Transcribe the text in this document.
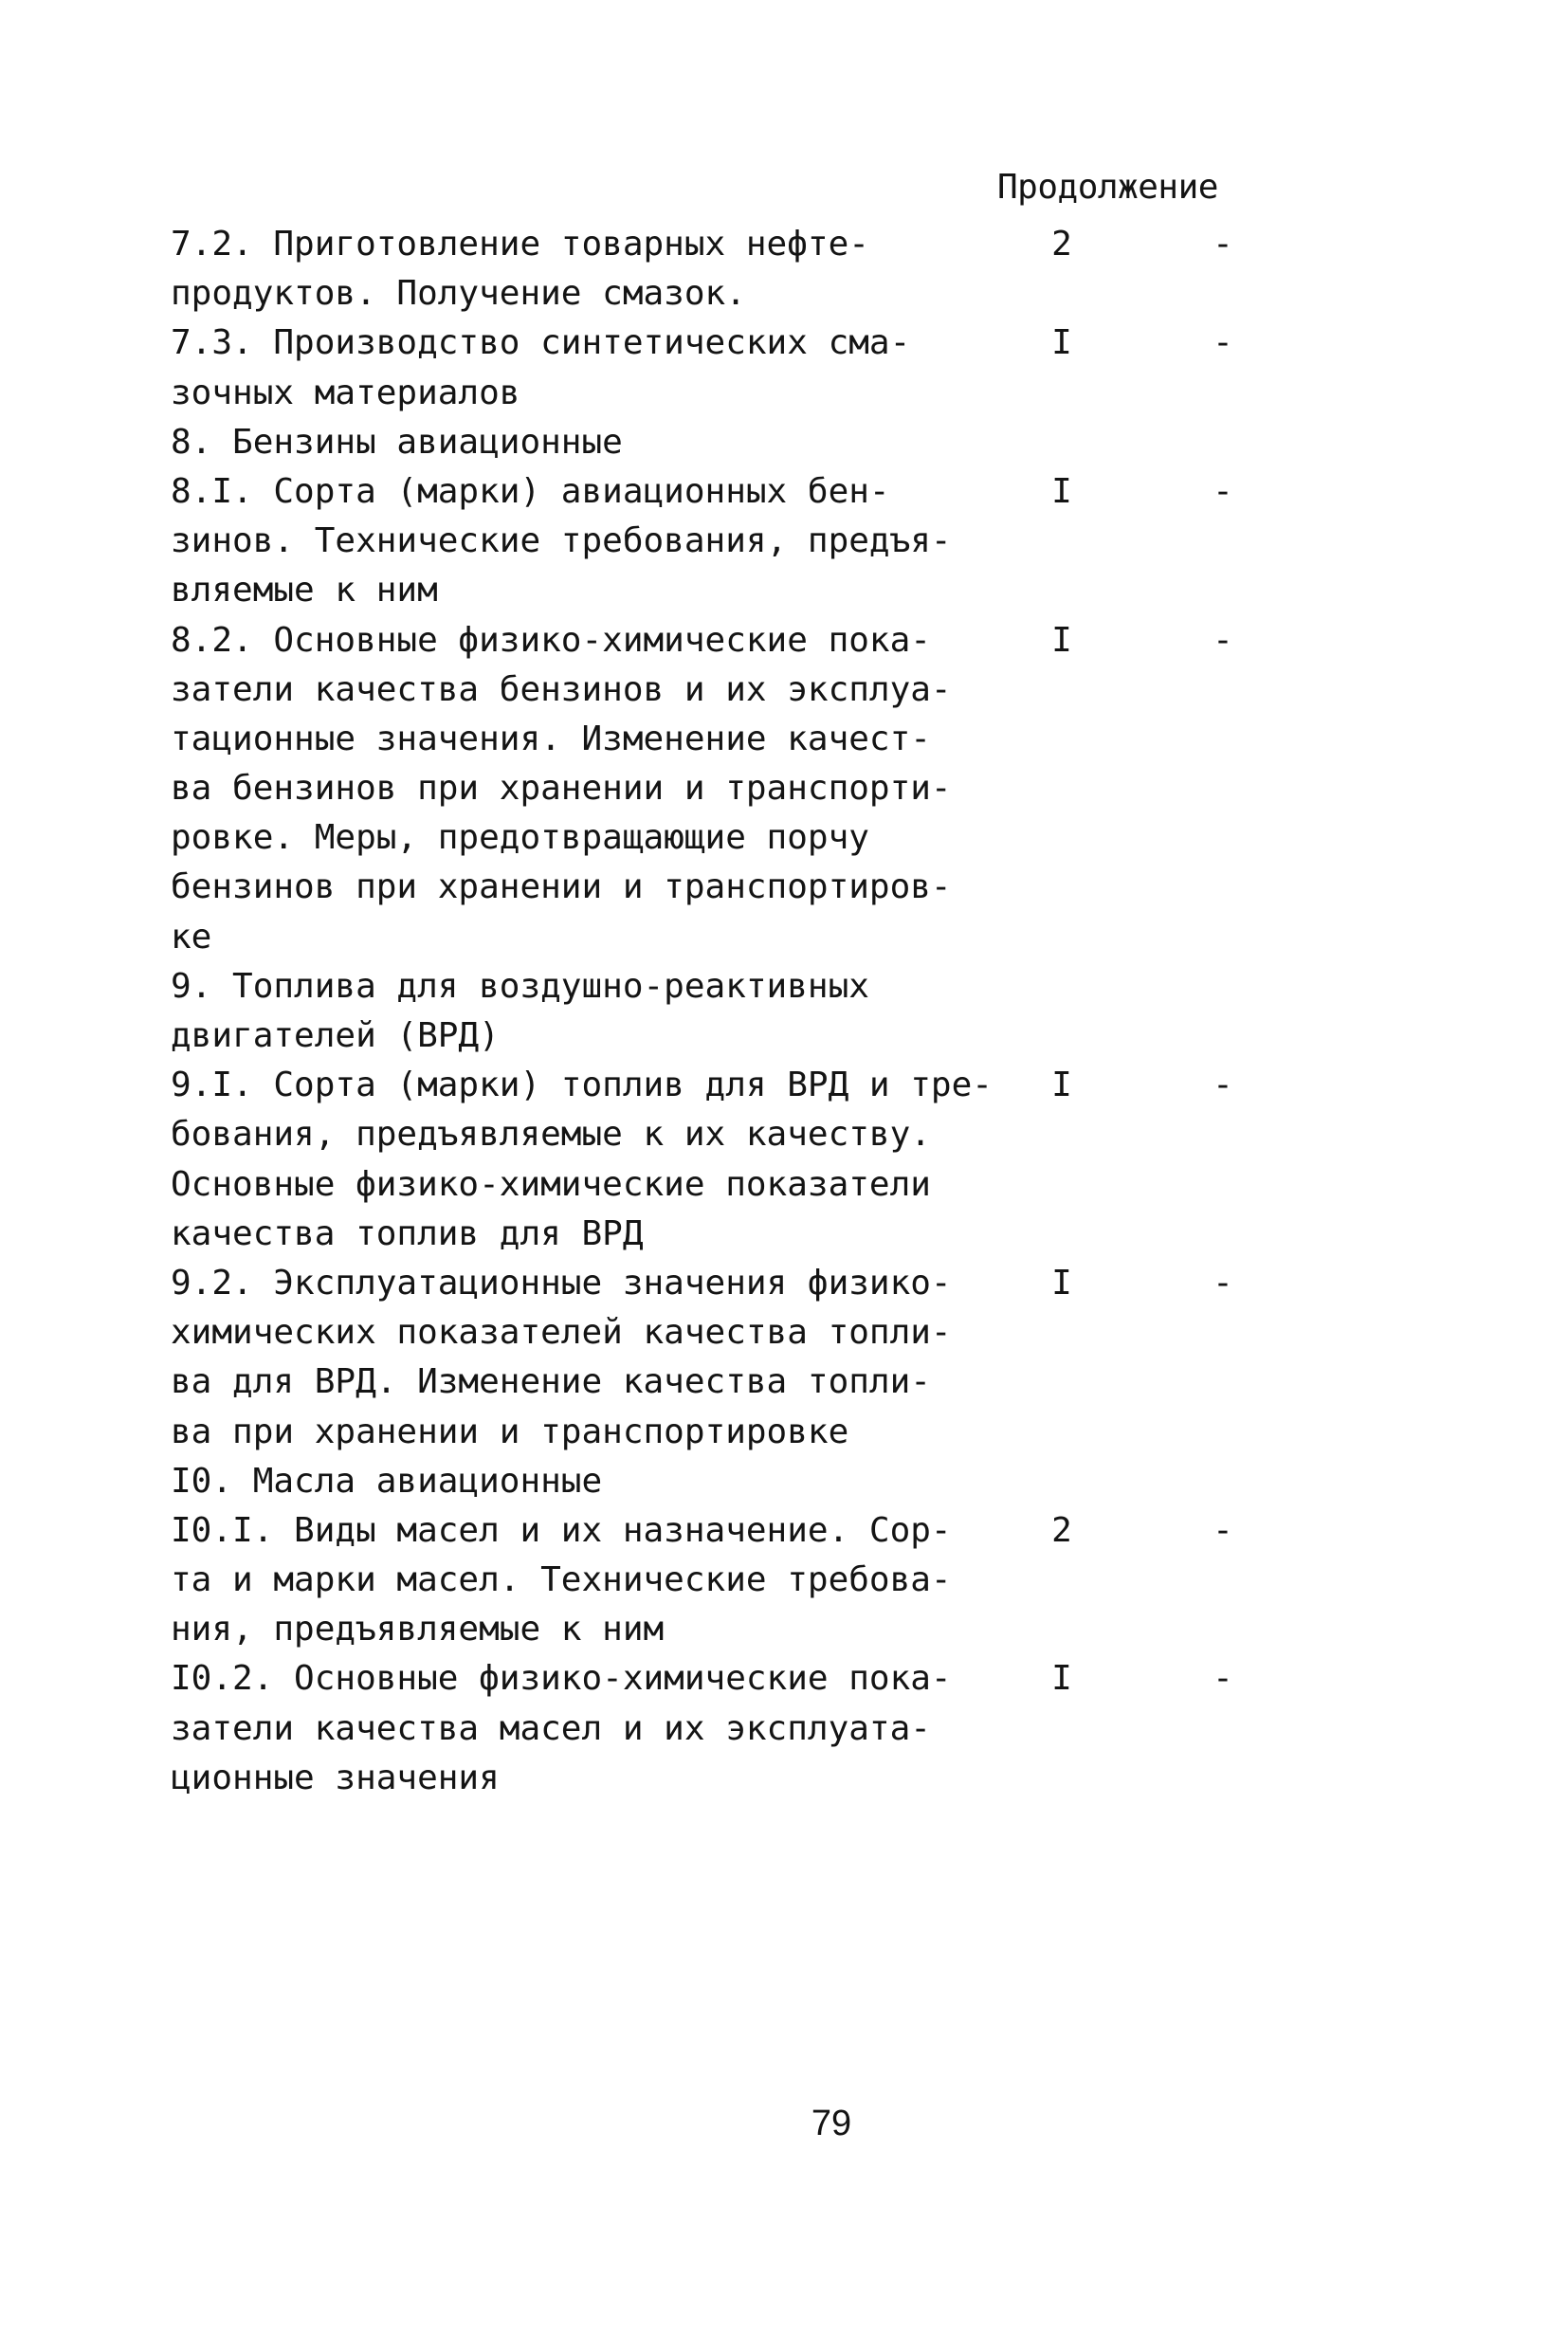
Продолжение
7.2. Приготовление товарных нефте-
продуктов. Получение смазок.
2	-
7.3. Производство синтетических сма-
зочных материалов
I	-
8. Бензины авиационные
8.I. Сорта (марки) авиационных бен-
зинов. Технические требования, предъя-
вляемые к ним
I	-
8.2. Основные физико-химические пока-
затели качества бензинов и их эксплуа-
тационные значения. Изменение качест-
ва бензинов при хранении и транспорти-
ровке. Меры, предотвращающие порчу
бензинов при хранении и транспортиров-
ке
I	-
9. Топлива для воздушно-реактивных
двигателей (ВРД)
9.I. Сорта (марки) топлив для ВРД и тре-
бования, предъявляемые к их качеству.
Основные физико-химические показатели
качества топлив для ВРД
I	-
9.2. Эксплуатационные значения физико-
химических показателей качества топли-
ва для ВРД. Изменение качества топли-
ва при хранении и транспортировке
I	-
I0. Масла авиационные
I0.I. Виды масел и их назначение. Сор-
та и марки масел. Технические требова-
ния, предъявляемые к ним
2	-
I0.2. Основные физико-химические пока-
затели качества масел и их эксплуата-
ционные значения
I	-
79
